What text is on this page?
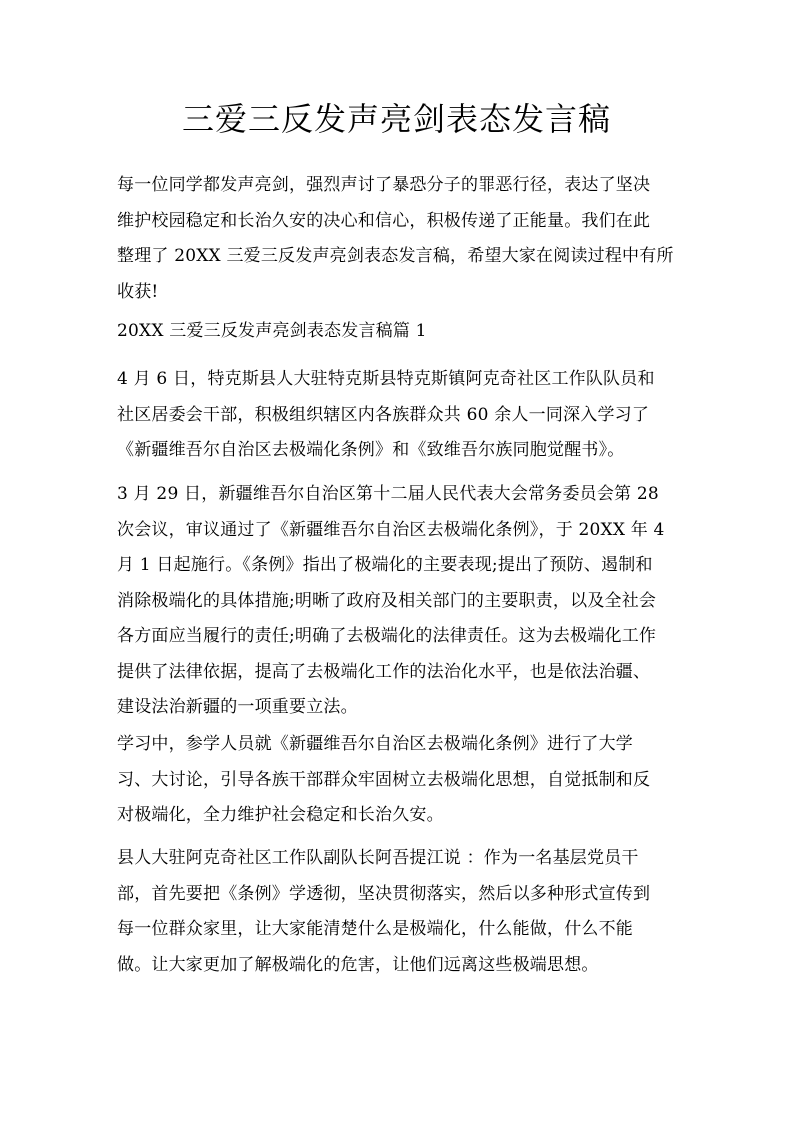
三爱三反发声亮剑表态发言稿

每一位同学都发声亮剑，强烈声讨了暴恐分子的罪恶行径，表达了坚决
维护校园稳定和长治久安的决心和信心，积极传递了正能量。我们在此
整理了 20XX 三爱三反发声亮剑表态发言稿，希望大家在阅读过程中有所
收获!

20XX 三爱三反发声亮剑表态发言稿篇 1

4 月 6 日，特克斯县人大驻特克斯县特克斯镇阿克奇社区工作队队员和
社区居委会干部，积极组织辖区内各族群众共 60 余人一同深入学习了
《新疆维吾尔自治区去极端化条例》和《致维吾尔族同胞觉醒书》。

3 月 29 日，新疆维吾尔自治区第十二届人民代表大会常务委员会第 28
次会议，审议通过了《新疆维吾尔自治区去极端化条例》，于 20XX 年 4
月 1 日起施行。《条例》指出了极端化的主要表现;提出了预防、遏制和
消除极端化的具体措施;明晰了政府及相关部门的主要职责，以及全社会
各方面应当履行的责任;明确了去极端化的法律责任。这为去极端化工作
提供了法律依据，提高了去极端化工作的法治化水平，也是依法治疆、
建设法治新疆的一项重要立法。

学习中，参学人员就《新疆维吾尔自治区去极端化条例》进行了大学
习、大讨论，引导各族干部群众牢固树立去极端化思想，自觉抵制和反
对极端化，全力维护社会稳定和长治久安。

县人大驻阿克奇社区工作队副队长阿吾提江说 ：作为一名基层党员干
部，首先要把《条例》学透彻，坚决贯彻落实，然后以多种形式宣传到
每一位群众家里，让大家能清楚什么是极端化，什么能做，什么不能
做。让大家更加了解极端化的危害，让他们远离这些极端思想。
